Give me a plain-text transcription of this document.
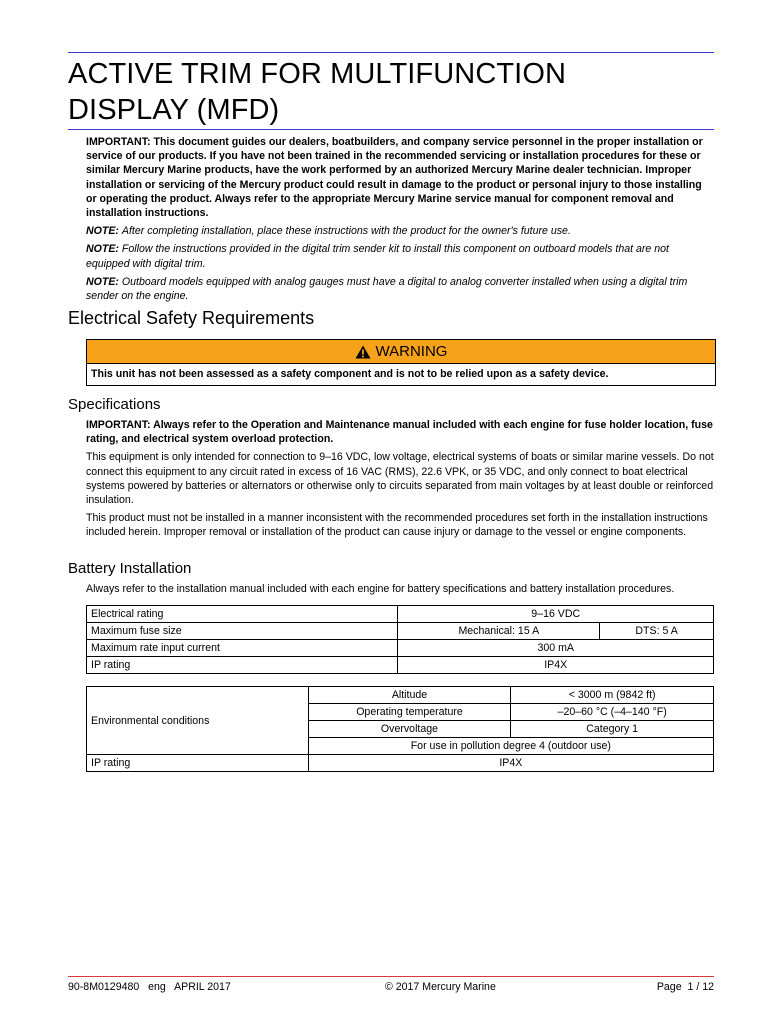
ACTIVE TRIM FOR MULTIFUNCTION
DISPLAY (MFD)

IMPORTANT: This document guides our dealers, boatbuilders, and company service personnel in the proper installation or service of our products. If you have not been trained in the recommended servicing or installation procedures for these or similar Mercury Marine products, have the work performed by an authorized Mercury Marine dealer technician. Improper installation or servicing of the Mercury product could result in damage to the product or personal injury to those installing or operating the product. Always refer to the appropriate Mercury Marine service manual for component removal and installation instructions.

NOTE: After completing installation, place these instructions with the product for the owner's future use.

NOTE: Follow the instructions provided in the digital trim sender kit to install this component on outboard models that are not equipped with digital trim.

NOTE: Outboard models equipped with analog gauges must have a digital to analog converter installed when using a digital trim sender on the engine.

Electrical Safety Requirements
WARNING
This unit has not been assessed as a safety component and is not to be relied upon as a safety device.
Specifications

IMPORTANT: Always refer to the Operation and Maintenance manual included with each engine for fuse holder location, fuse rating, and electrical system overload protection.

This equipment is only intended for connection to 9–16 VDC, low voltage, electrical systems of boats or similar marine vessels. Do not connect this equipment to any circuit rated in excess of 16 VAC (RMS), 22.6 VPK, or 35 VDC, and only connect to boat electrical systems powered by batteries or alternators or otherwise only to circuits separated from main voltages by at least double or reinforced insulation.

This product must not be installed in a manner inconsistent with the recommended procedures set forth in the installation instructions included herein. Improper removal or installation of the product can cause injury or damage to the vessel or engine components.

Battery Installation

Always refer to the installation manual included with each engine for battery specifications and battery installation procedures.

Electrical rating	9–16 VDC	
Maximum fuse size	Mechanical: 15 A	DTS: 5 A
Maximum rate input current	300 mA	
IP rating	IP4X	
Environmental conditions	Altitude	< 3000 m (9842 ft)
	Operating temperature	–20–60 °C (–4–140 °F)
	Overvoltage	Category 1
	For use in pollution degree 4 (outdoor use)	
IP rating	IP4X	
90-8M0129480 eng APRIL 2017	© 2017 Mercury Marine	Page 1 / 12
